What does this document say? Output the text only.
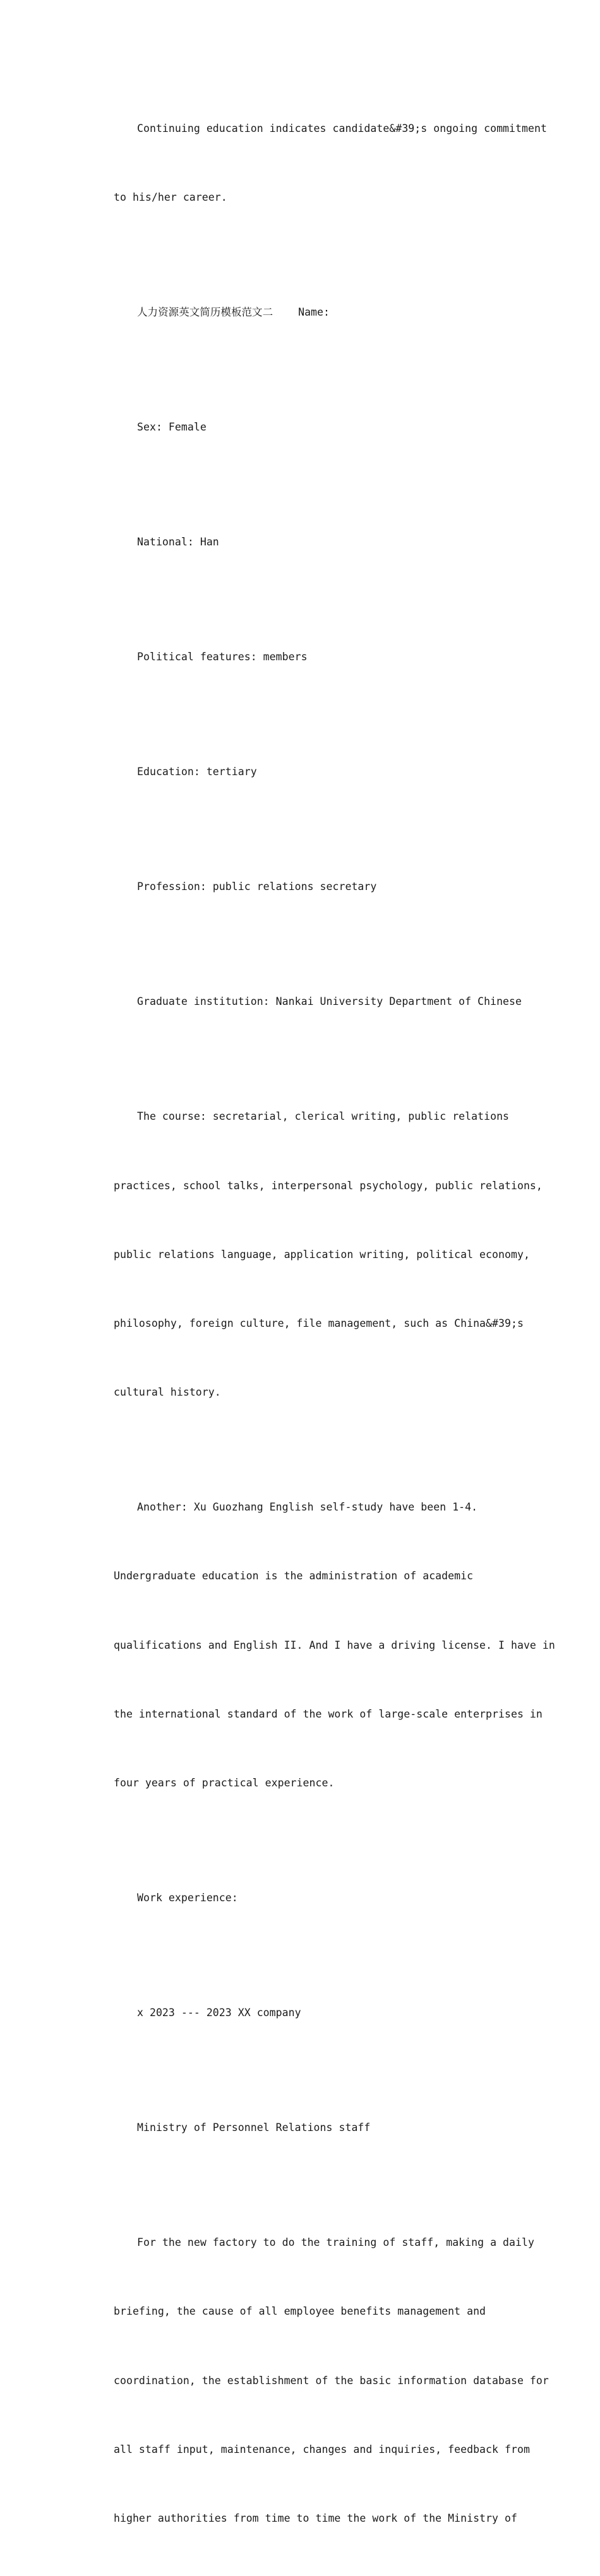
Continuing education indicates candidate&#39;s ongoing commitment

to his/her career.

人力资源英文简历模板范文二    Name:

Sex: Female

National: Han

Political features: members

Education: tertiary

Profession: public relations secretary

Graduate institution: Nankai University Department of Chinese

The course: secretarial, clerical writing, public relations

practices, school talks, interpersonal psychology, public relations,

public relations language, application writing, political economy,

philosophy, foreign culture, file management, such as China&#39;s

cultural history.

Another: Xu Guozhang English self-study have been 1-4.

Undergraduate education is the administration of academic

qualifications and English II. And I have a driving license. I have in

the international standard of the work of large-scale enterprises in

four years of practical experience.

Work experience:

x 2023 --- 2023 XX company

Ministry of Personnel Relations staff

For the new factory to do the training of staff, making a daily

briefing, the cause of all employee benefits management and

coordination, the establishment of the basic information database for

all staff input, maintenance, changes and inquiries, feedback from

higher authorities from time to time the work of the Ministry of
